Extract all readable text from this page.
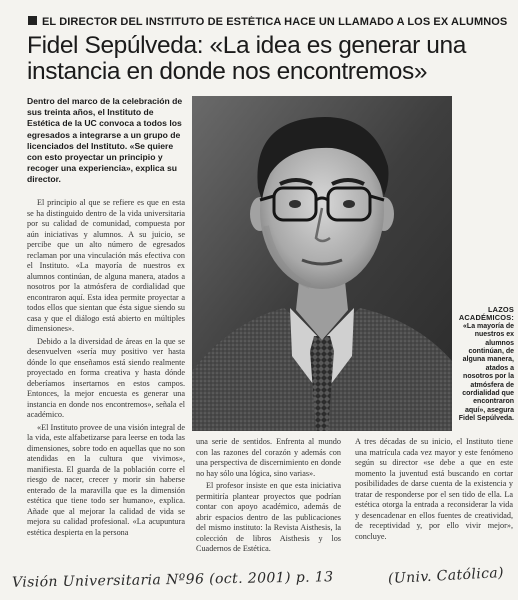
EL DIRECTOR DEL INSTITUTO DE ESTÉTICA HACE UN LLAMADO A LOS EX ALUMNOS
Fidel Sepúlveda: «La idea es generar una instancia en donde nos encontremos»
Dentro del marco de la celebración de sus treinta años, el Instituto de Estética de la UC convoca a todos los egresados a integrarse a un grupo de licenciados del Instituto. «Se quiere con esto proyectar un principio y recoger una experiencia», explica su director.
LAZOS ACADÉMICOS:
«La mayoría de nuestros ex alumnos continúan, de alguna manera, atados a nosotros por la atmósfera de cordialidad que encontraron aquí», asegura Fidel Sepúlveda.

El principio al que se refiere es que en esta se ha distinguido dentro de la vida universitaria por su calidad de comunidad, compuesta por aún iniciativas y alumnos. A su juicio, se percibe que un alto número de egresados reclaman por una vinculación más efectiva con el Instituto. «La mayoría de nuestros ex alumnos continúan, de alguna manera, atados a nosotros por la atmósfera de cordialidad que encontraron aquí. Esta idea permite proyectar a todos ellos que sientan que ésta sigue siendo su casa y que el diálogo está abierto en múltiples dimensiones».

Debido a la diversidad de áreas en la que se desenvuelven «sería muy positivo ver hasta dónde lo que enseñamos está siendo realmente proyectado en forma creativa y hasta dónde deberíamos insertarnos en estos campos. Entonces, la mejor encuesta es generar una instancia en donde nos encontremos», señala el académico.

«El Instituto provee de una visión integral de la vida, este alfabetizarse para leerse en toda las dimensiones, sobre todo en aquellas que no son atendidas en la cultura que vivimos», manifiesta. El guarda de la población corre el riesgo de nacer, crecer y morir sin haberse enterado de la maravilla que es la dimensión estética que tiene todo ser humano», explica. Añade que al mejorar la calidad de vida se mejora su calidad profesional. «La acupuntura estética despierta en la persona

una serie de sentidos. Enfrenta al mundo con las razones del corazón y además con una perspectiva de discernimiento en donde no hay sólo una lógica, sino varias».

El profesor insiste en que esta iniciativa permitiría plantear proyectos que podrían contar con apoyo académico, además de abrir espacios dentro de las publicaciones del mismo instituto: la Revista Aisthesis, la colección de libros Aisthesis y los Cuadernos de Estética.

A tres décadas de su inicio, el Instituto tiene una matrícula cada vez mayor y este fenómeno según su director «se debe a que en este momento la juventud está buscando en cortar posibilidades de darse cuenta de la existencia y tratar de responderse por el sen tido de ella. La estética otorga la entrada a reconsiderar la vida y desencadenar en ellos fuentes de creatividad, de receptividad y, por ello vivir mejor», concluye.

Visión Universitaria Nº96 (oct. 2001) p. 13	(Univ. Católica)
